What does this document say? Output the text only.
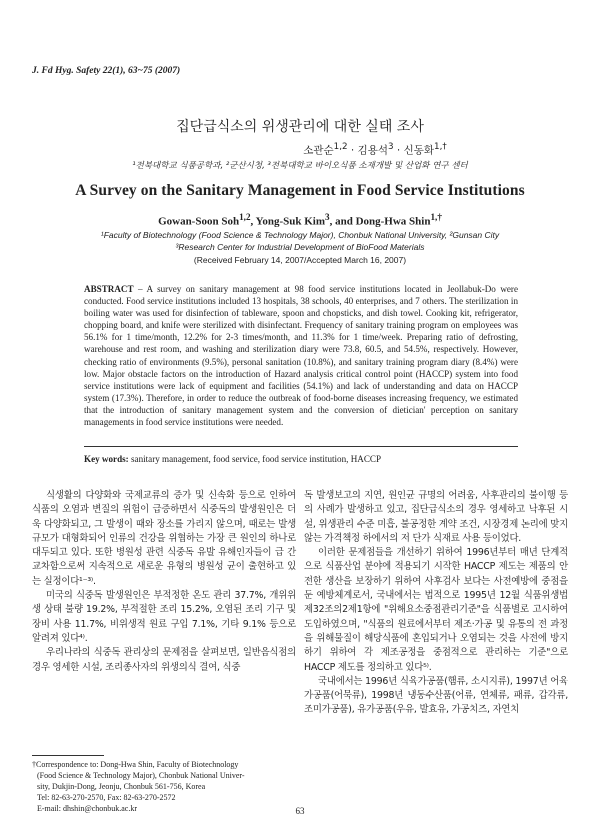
J. Fd Hyg. Safety 22(1), 63~75 (2007)
집단급식소의 위생관리에 대한 실태 조사
소관순$^{1,2}$ · 김용석$^3$ · 신동화$^{1,\dagger}$
¹전북대학교 식품공학과, ²군산시청, ³전북대학교 바이오식품 소재개발 및 산업화 연구 센터
A Survey on the Sanitary Management in Food Service Institutions
Gowan-Soon Soh$^{1,2}$, Yong-Suk Kim$^3$, and Dong-Hwa Shin$^{1,\dagger}$
¹Faculty of Biotechnology (Food Science & Technology Major), Chonbuk National University, ²Gunsan City
³Research Center for Industrial Development of BioFood Materials
(Received February 14, 2007/Accepted March 16, 2007)
ABSTRACT – A survey on sanitary management at 98 food service institutions located in Jeollabuk-Do were conducted. Food service institutions included 13 hospitals, 38 schools, 40 enterprises, and 7 others. The sterilization in boiling water was used for disinfection of tableware, spoon and chopsticks, and dish towel. Cooking kit, refrigerator, chopping board, and knife were sterilized with disinfectant. Frequency of sanitary training program on employees was 56.1% for 1 time/month, 12.2% for 2-3 times/month, and 11.3% for 1 time/week. Preparing ratio of defrosting, warehouse and rest room, and washing and sterilization diary were 73.8, 60.5, and 54.5%, respectively. However, checking ratio of environments (9.5%), personal sanitation (10.8%), and sanitary training program diary (8.4%) were low. Major obstacle factors on the introduction of Hazard analysis critical control point (HACCP) system into food service institutions were lack of equipment and facilities (54.1%) and lack of understanding and data on HACCP system (17.3%). Therefore, in order to reduce the outbreak of food-borne diseases increasing frequency, we estimated that the introduction of sanitary management system and the conversion of dietician' perception on sanitary managements in food service institutions were needed.
Key words: sanitary management, food service, food service institution, HACCP

식생활의 다양화와 국제교류의 증가 및 신속화 등으로 인하여 식품의 오염과 변질의 위험이 급증하면서 식중독의 발생원인은 더욱 다양화되고, 그 발생이 때와 장소를 가리지 않으며, 때로는 발생규모가 대형화되어 인류의 건강을 위협하는 가장 큰 원인의 하나로 대두되고 있다. 또한 병원성 관련 식중독 유발 유해인자들이 급 간 교차함으로써 지속적으로 새로운 유형의 병원성 균이 출현하고 있는 실정이다¹⁻³⁾.

미국의 식중독 발생원인은 부적정한 온도 관리 37.7%, 개위위생 상태 불량 19.2%, 부적절한 조리 15.2%, 오염된 조리 기구 및 장비 사용 11.7%, 비위생적 원료 구입 7.1%, 기타 9.1% 등으로 알려져 있다⁴⁾.

우리나라의 식중독 관리상의 문제점을 살펴보면, 일반음식점의 경우 영세한 시설, 조리종사자의 위생의식 결여, 식중

독 발생보고의 지연, 원인균 규명의 어려움, 사후관리의 불이행 등의 사례가 발생하고 있고, 집단급식소의 경우 영세하고 낙후된 시설, 위생관리 수준 미흡, 불공정한 계약 조건, 시장경제 논리에 맞지 않는 가격책정 하에서의 저 단가 식재료 사용 등이었다.

이러한 문제점들을 개선하기 위하여 1996년부터 매년 단계적으로 식품산업 분야에 적용되기 시작한 HACCP 제도는 제품의 안전한 생산을 보장하기 위하여 사후검사 보다는 사전예방에 중점을 둔 예방체계로서, 국내에서는 법적으로 1995년 12월 식품위생법 제32조의2제1항에 "위해요소중점관리기준"을 식품별로 고시하여 도입하였으며, "식품의 원료에서부터 제조·가공 및 유통의 전 과정을 위해물질이 해당식품에 혼입되거나 오염되는 것을 사전에 방지하기 위하여 각 제조공정을 중점적으로 관리하는 기준"으로 HACCP 제도를 정의하고 있다⁵⁾.

국내에서는 1996년 식육가공품(햄류, 소시지류), 1997년 어육가공품(어묵류), 1998년 냉동수산품(어류, 연체류, 패류, 갑각류, 조미가공품), 유가공품(우유, 발효유, 가공치즈, 자연치

†Correspondence to: Dong-Hwa Shin, Faculty of Biotechnology
(Food Science & Technology Major), Chonbuk National Univer-
sity, Dukjin-Dong, Jeonju, Chonbuk 561-756, Korea
Tel: 82-63-270-2570, Fax: 82-63-270-2572
E-mail: dhshin@chonbuk.ac.kr	63
